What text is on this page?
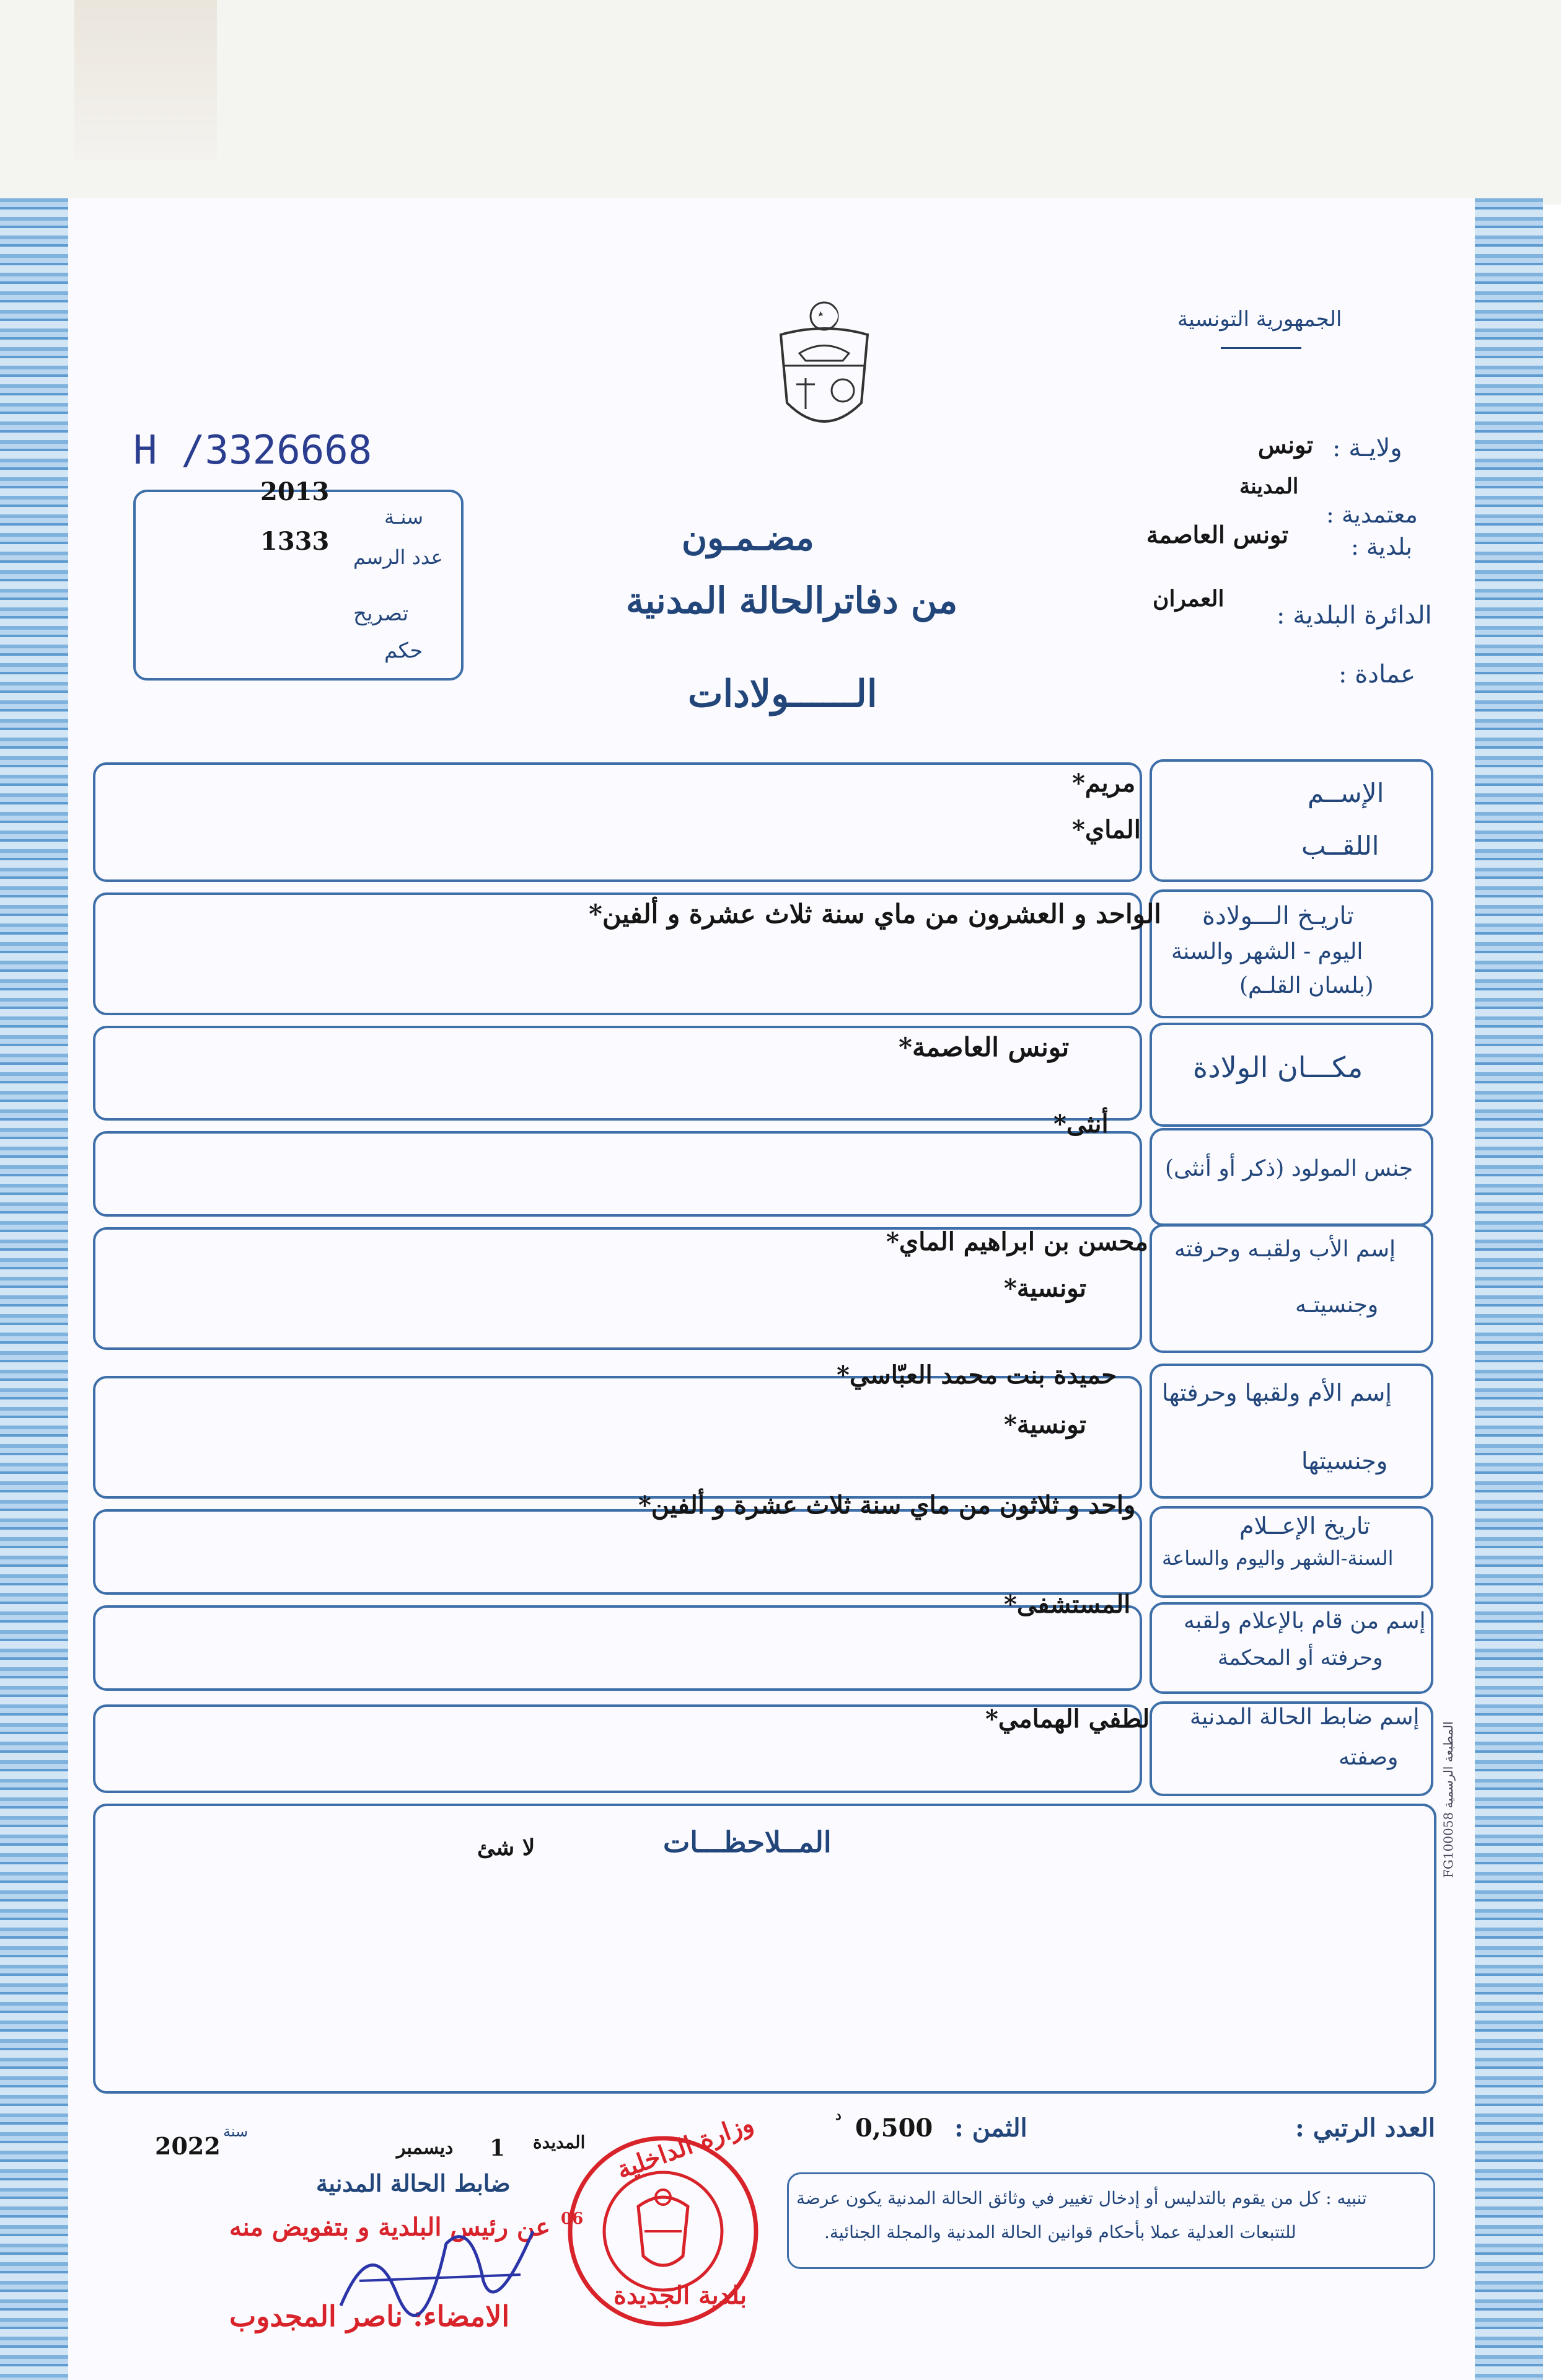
الجمهورية التونسية
ولايـة :
تونس
المدينة
معتمدية :
تونس العاصمة	بلدية :
العمران
الدائرة البلدية :
عمادة :
H /3326668
2013
سنـة
1333
عدد الرسم
تصريح
حكم
مضـمـون
من دفاترالحالة المدنية
الــــــولادات
الإســم
اللقــب
مريم*
الماي*
تاريـخ الـــولادة
اليوم - الشهر والسنة
(بلسان القلـم)
الواحد و العشرون من ماي سنة ثلاث عشرة و ألفين*
مكـــان الولادة
تونس العاصمة*
جنس المولود (ذكر أو أنثى)
أنثى*
إسم الأب ولقبـه وحرفته
وجنسيتـه
محسن بن ابراهيم الماي*
تونسية*
إسم الأم ولقبها وحرفتها
وجنسيتها
حميدة بنت محمد العبّاسي*
تونسية*
تاريخ الإعــلام
السنة-الشهر واليوم والساعة
واحد و ثلاثون من ماي سنة ثلاث عشرة و ألفين*
إسم من قام بالإعلام ولقبه
وحرفته أو المحكمة
المستشفى*
إسم ضابط الحالة المدنية
وصفته
لطفي الهمامي*
المــلاحظـــات
لا شئ	المطبعة الرسمية FG100058
العدد الرتبي :
الثمن :
0,500
د
المديدة
1
ديسمبر
سنة
2022
ضابط الحالة المدنية
عن رئيس البلدية و بتفويض منه
الامضاء: ناصر المجدوب
وزارة الداخلية
بلدية الجديدة
06
تنبيه : كل من يقوم بالتدليس أو إدخال تغيير في وثائق الحالة المدنية يكون عرضة
للتتبعات العدلية عملا بأحكام قوانين الحالة المدنية والمجلة الجنائية.
